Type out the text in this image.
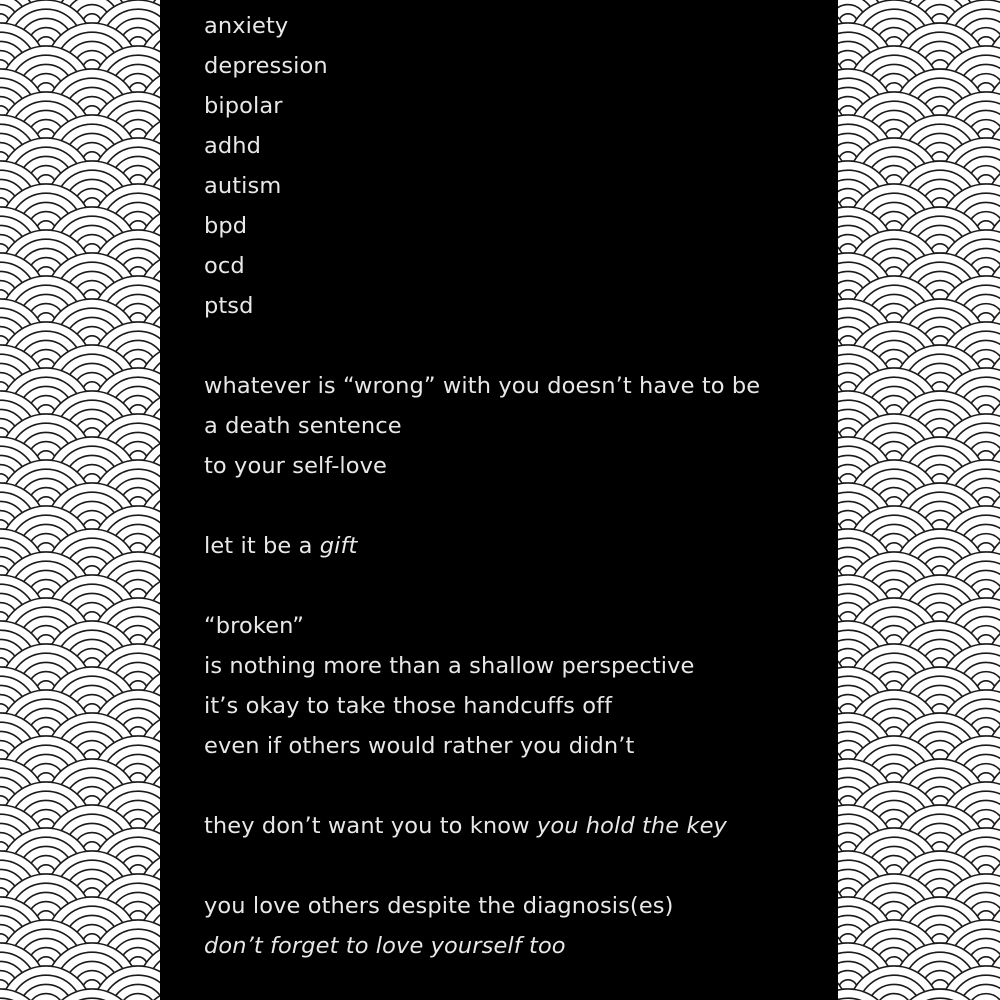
anxiety
depression
bipolar
adhd
autism
bpd
ocd
ptsd
whatever is “wrong” with you doesn’t have to be
a death sentence
to your self-love
let it be a gift
“broken”
is nothing more than a shallow perspective
it’s okay to take those handcuffs off
even if others would rather you didn’t
they don’t want you to know you hold the key
you love others despite the diagnosis(es)
don’t forget to love yourself too
